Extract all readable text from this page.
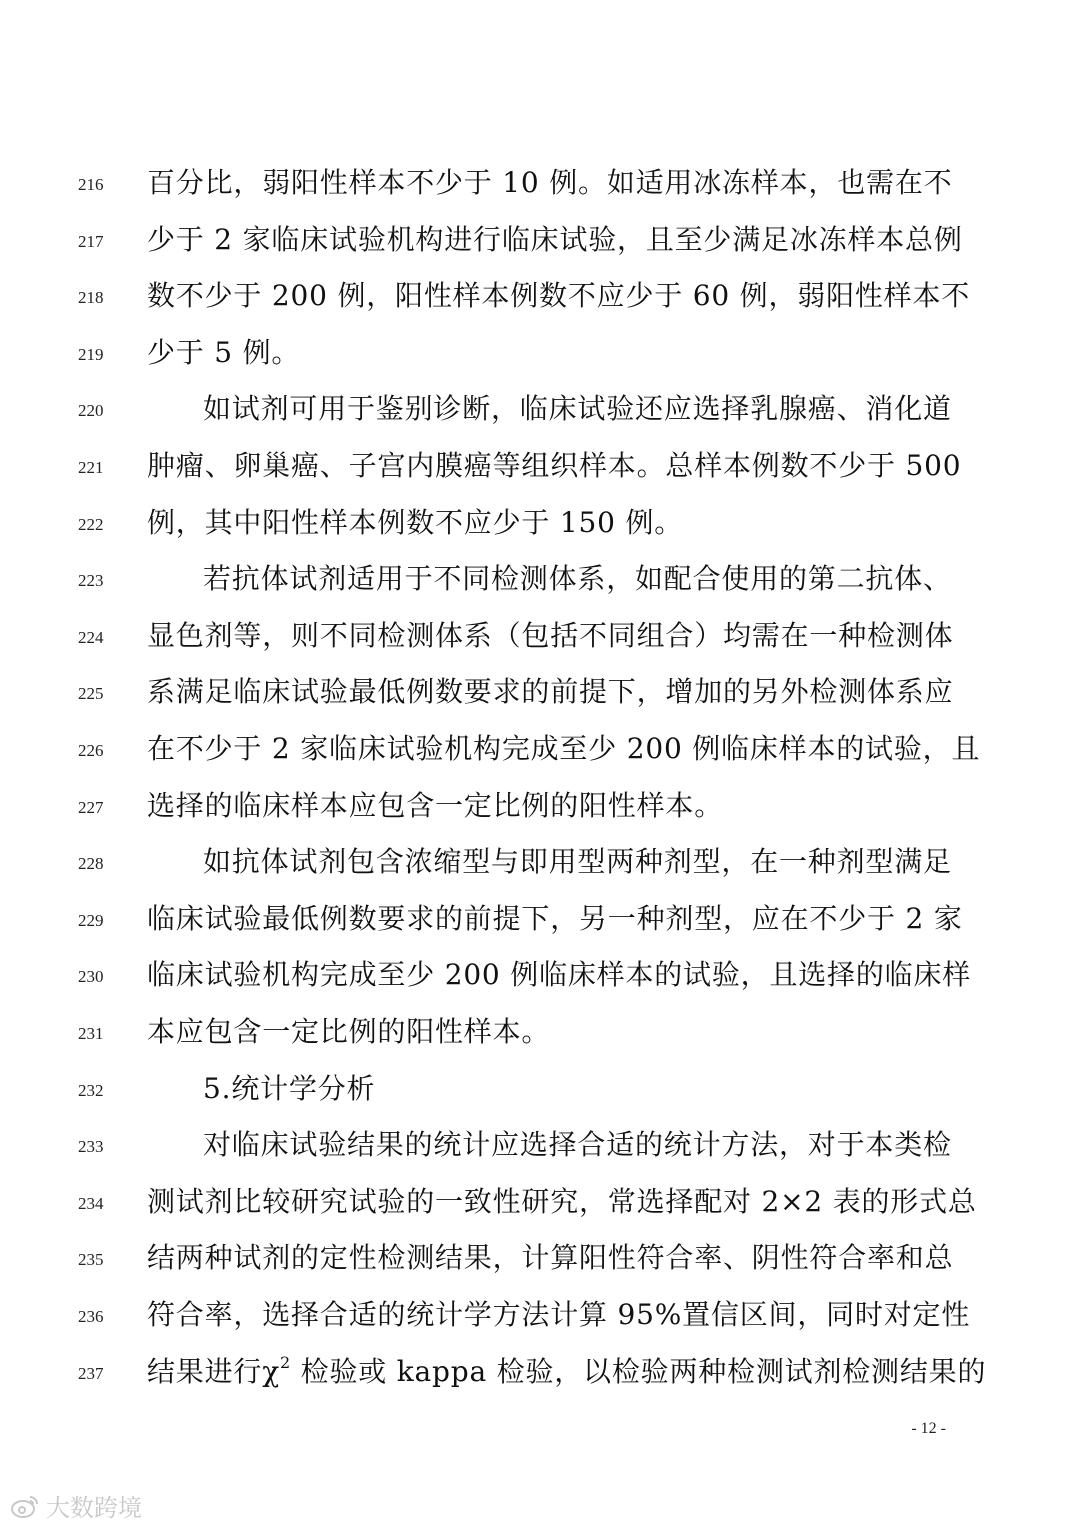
216	百分比，弱阳性样本不少于 10 例。如适用冰冻样本，也需在不
217	少于 2 家临床试验机构进行临床试验，且至少满足冰冻样本总例
218	数不少于 200 例，阳性样本例数不应少于 60 例，弱阳性样本不
219	少于 5 例。
220	如试剂可用于鉴别诊断，临床试验还应选择乳腺癌、消化道
221	肿瘤、卵巢癌、子宫内膜癌等组织样本。总样本例数不少于 500
222	例，其中阳性样本例数不应少于 150 例。
223	若抗体试剂适用于不同检测体系，如配合使用的第二抗体、
224	显色剂等，则不同检测体系（包括不同组合）均需在一种检测体
225	系满足临床试验最低例数要求的前提下，增加的另外检测体系应
226	在不少于 2 家临床试验机构完成至少 200 例临床样本的试验，且
227	选择的临床样本应包含一定比例的阳性样本。
228	如抗体试剂包含浓缩型与即用型两种剂型，在一种剂型满足
229	临床试验最低例数要求的前提下，另一种剂型，应在不少于 2 家
230	临床试验机构完成至少 200 例临床样本的试验，且选择的临床样
231	本应包含一定比例的阳性样本。
232	5.统计学分析
233	对临床试验结果的统计应选择合适的统计方法，对于本类检
234	测试剂比较研究试验的一致性研究，常选择配对 2×2 表的形式总
235	结两种试剂的定性检测结果，计算阳性符合率、阴性符合率和总
236	符合率，选择合适的统计学方法计算 95%置信区间，同时对定性
237	结果进行$\chi^2$ 检验或 kappa 检验，以检验两种检测试剂检测结果的
- 12 -
大数跨境
